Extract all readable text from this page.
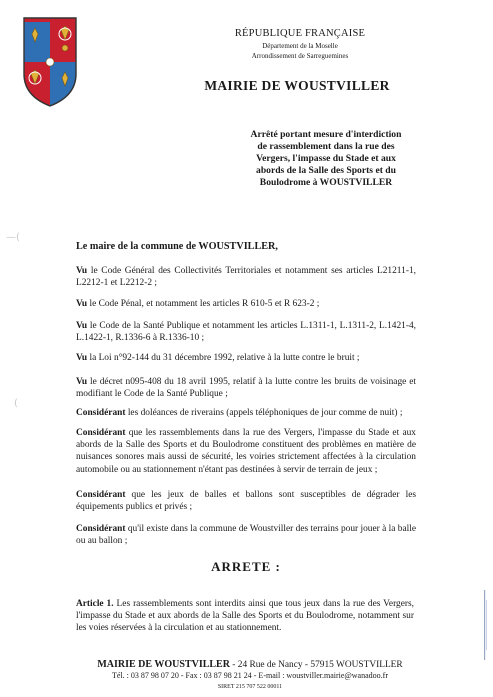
RÉPUBLIQUE FRANÇAISE
Département de la Moselle
Arrondissement de Sarreguemines
MAIRIE DE WOUSTVILLER
Arrêté portant mesure d'interdiction
de rassemblement dans la rue des
Vergers, l'impasse du Stade et aux
abords de la Salle des Sports et du
Boulodrome à WOUSTVILLER
—(
(
Le maire de la commune de WOUSTVILLER,
Vu le Code Général des Collectivités Territoriales et notamment ses articles L21211-1, L2212-1 et L2212-2 ;
Vu le Code Pénal, et notamment les articles R 610-5 et R 623-2 ;
Vu le Code de la Santé Publique et notamment les articles L.1311-1, L.1311-2, L.1421-4, L.1422-1, R.1336-6 à R.1336-10 ;
Vu la Loi n°92-144 du 31 décembre 1992, relative à la lutte contre le bruit ;
Vu le décret n095-408 du 18 avril 1995, relatif à la lutte contre les bruits de voisinage et modifiant le Code de la Santé Publique ;
Considérant les doléances de riverains (appels téléphoniques de jour comme de nuit) ;
Considérant que les rassemblements dans la rue des Vergers, l'impasse du Stade et aux abords de la Salle des Sports et du Boulodrome constituent des problèmes en matière de nuisances sonores mais aussi de sécurité, les voiries strictement affectées à la circulation automobile ou au stationnement n'étant pas destinées à servir de terrain de jeux ;
Considérant que les jeux de balles et ballons sont susceptibles de dégrader les équipements publics et privés ;
Considérant qu'il existe dans la commune de Woustviller des terrains pour jouer à la balle ou au ballon ;
ARRETE :
Article 1. Les rassemblements sont interdits ainsi que tous jeux dans la rue des Vergers, l'impasse du Stade et aux abords de la Salle des Sports et du Boulodrome, notamment sur les voies réservées à la circulation et au stationnement.
MAIRIE DE WOUSTVILLER - 24 Rue de Nancy - 57915 WOUSTVILLER
Tél. : 03 87 98 07 20 - Fax : 03 87 98 21 24 - E-mail : woustviller.mairie@wanadoo.fr
SIRET 215 707 522 00011
